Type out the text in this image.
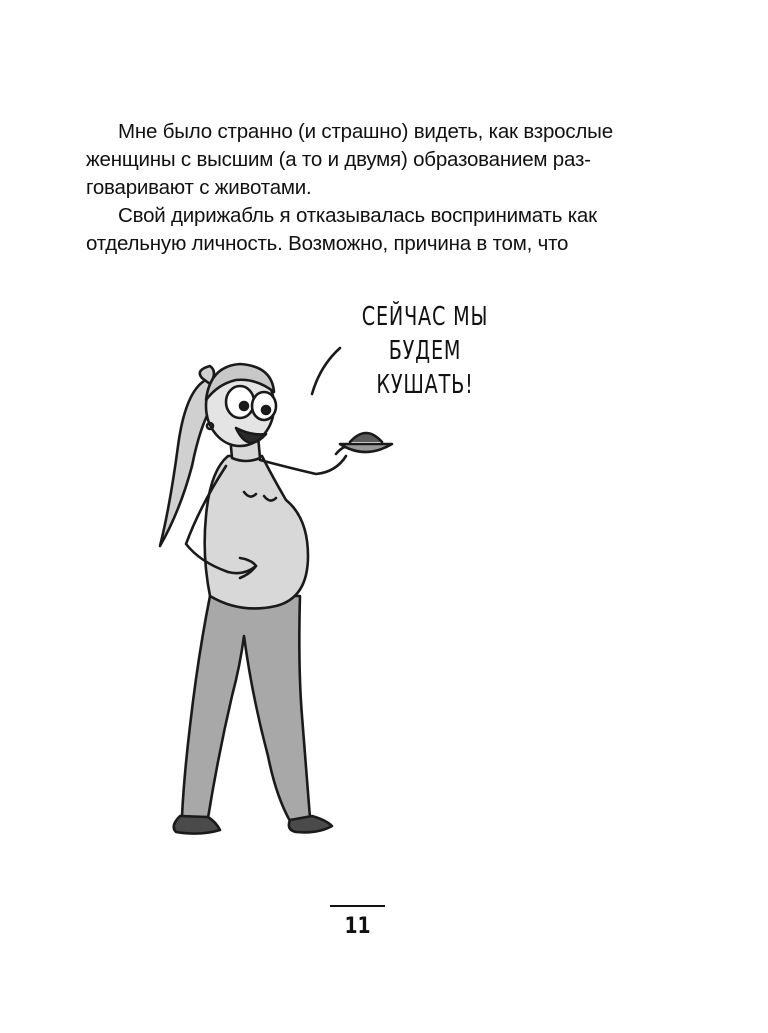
Мне было странно (и страшно) видеть, как взрослые
женщины с высшим (а то и двумя) образованием раз-
говаривают с животами.
Свой дирижабль я отказывалась воспринимать как
отдельную личность. Возможно, причина в том, что
СЕЙЧАС МЫ БУДЕМ
КУШАТЬ!
11
